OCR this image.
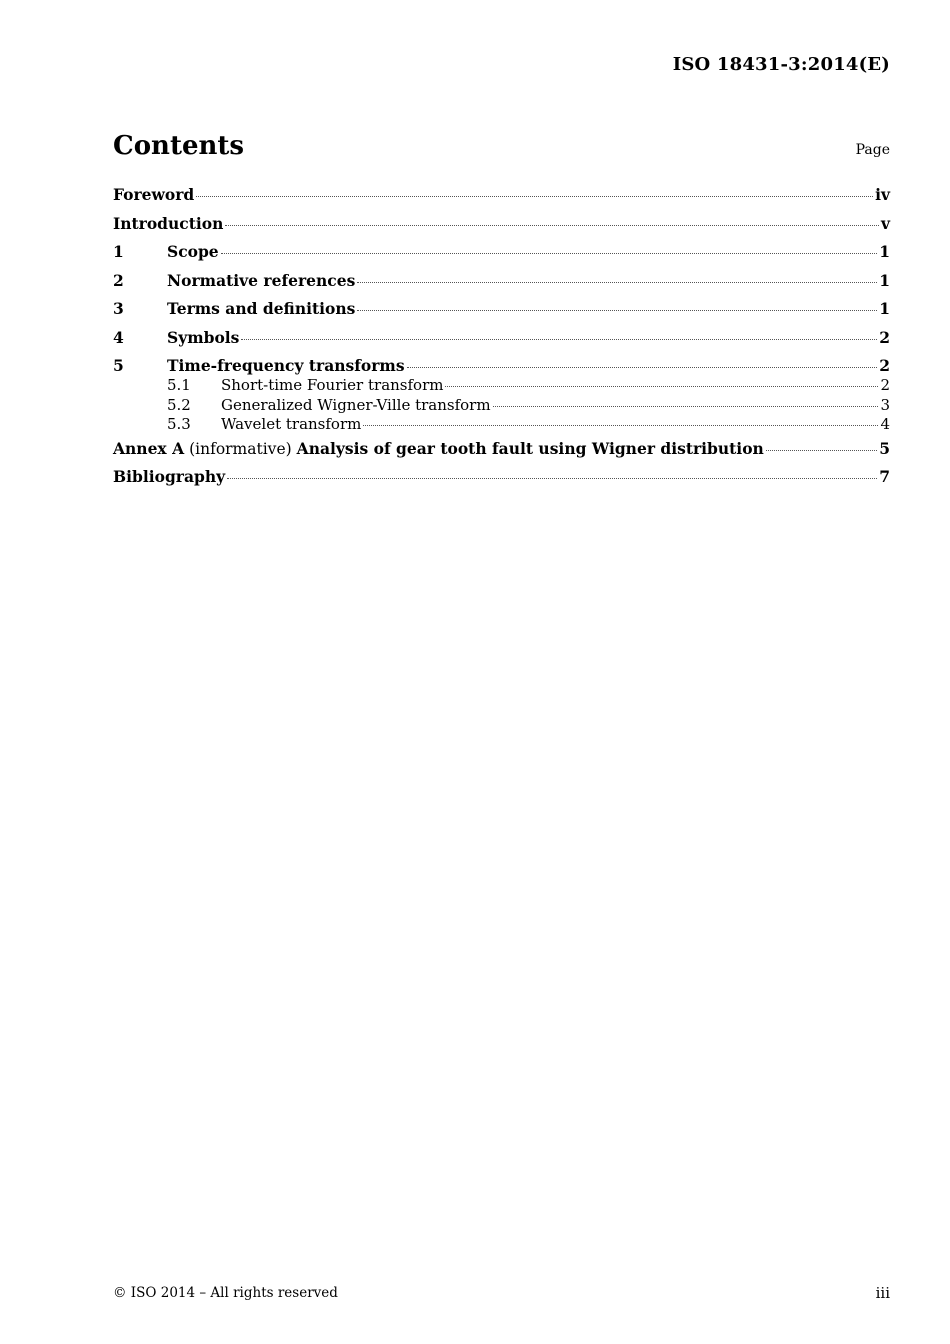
ISO 18431-3:2014(E)
Contents	Page
Foreword	iv
Introduction	v
1	Scope	1
2	Normative references	1
3	Terms and definitions	1
4	Symbols	2
5	Time-frequency transforms	2
5.1	Short-time Fourier transform	2
5.2	Generalized Wigner-Ville transform	3
5.3	Wavelet transform	4
Annex A (informative) Analysis of gear tooth fault using Wigner distribution	5
Bibliography	7
© ISO 2014 – All rights reserved	iii
